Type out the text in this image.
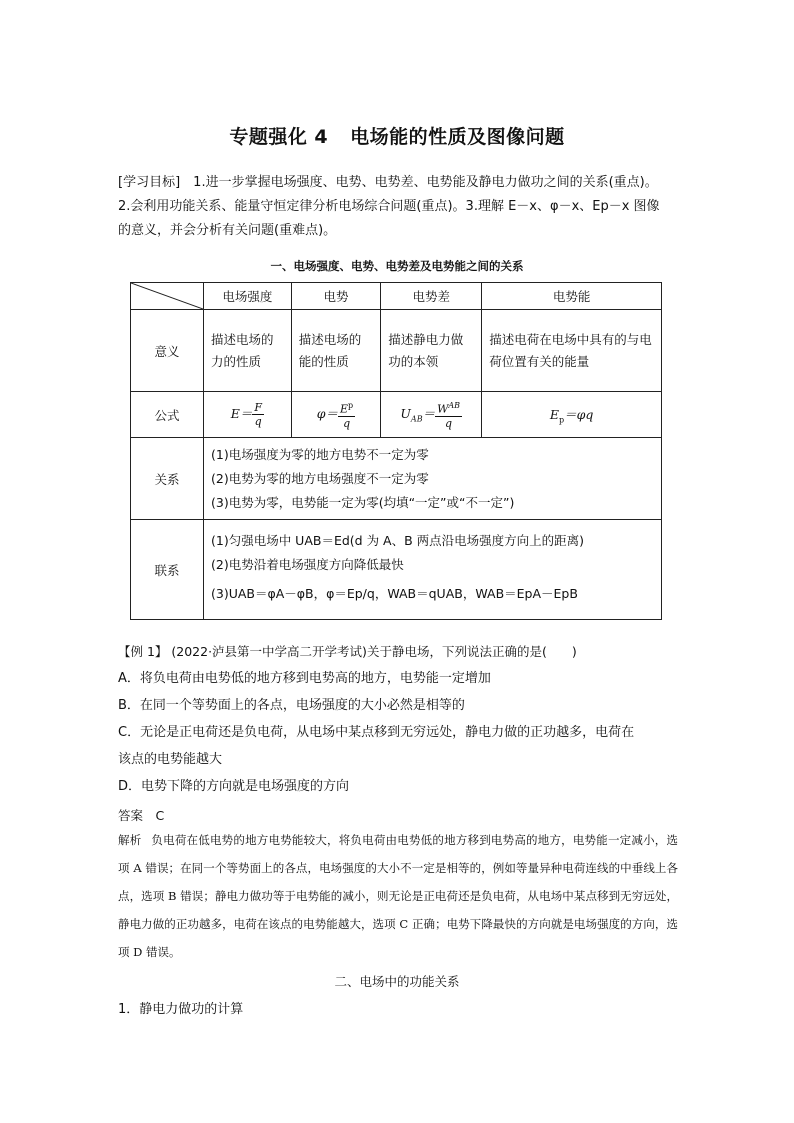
专题强化 4 电场能的性质及图像问题
[学习目标]　 1.进一步掌握电场强度、电势、电势差、电势能及静电力做功之间的关系(重点)。
2.会利用功能关系、能量守恒定律分析电场综合问题(重点)。3.理解 E－x、φ－x、Ep－x 图像
的意义，并会分析有关问题(重难点)。
一、电场强度、电势、电势差及电势能之间的关系
	电场强度	电势	电势差	电势能
意义	描述电场的力的性质	描述电场的能的性质	描述静电力做功的本领	描述电荷在电场中具有的与电荷位置有关的能量
公式	$E= \frac{F}{q}$	$\varphi= \frac{E^p}{q}$	$U_{AB}= \frac{W^{AB}}{q}$	$E_p=\varphi q$
关系	(1)电场强度为零的地方电势不一定为零
(2)电势为零的地方电场强度不一定为零
(3)电势为零，电势能一定为零(均填“一定”或“不一定”)			

联系	(1)匀强电场中 UAB＝Ed(d 为 A、B 两点沿电场强度方向上的距离)
(2)电势沿着电场强度方向降低最快
(3)UAB＝φA－φB，φ＝Ep/q，WAB＝qUAB，WAB＝EpA－EpB			
【例 1】 (2022·泸县第一中学高二开学考试)关于静电场，下列说法正确的是(　　)
A．将负电荷由电势低的地方移到电势高的地方，电势能一定增加
B．在同一个等势面上的各点，电场强度的大小必然是相等的
C．无论是正电荷还是负电荷，从电场中某点移到无穷远处，静电力做的正功越多，电荷在
该点的电势能越大
D．电势下降的方向就是电场强度的方向
答案　C
解析 负电荷在低电势的地方电势能较大，将负电荷由电势低的地方移到电势高的地方，电势能一定减小，选项 A 错误；在同一个等势面上的各点，电场强度的大小不一定是相等的，例如等量异种电荷连线的中垂线上各点，选项 B 错误；静电力做功等于电势能的减小，则无论是正电荷还是负电荷，从电场中某点移到无穷远处，静电力做的正功越多，电荷在该点的电势能越大，选项 C 正确；电势下降最快的方向就是电场强度的方向，选项 D 错误。
二、电场中的功能关系
1．静电力做功的计算
